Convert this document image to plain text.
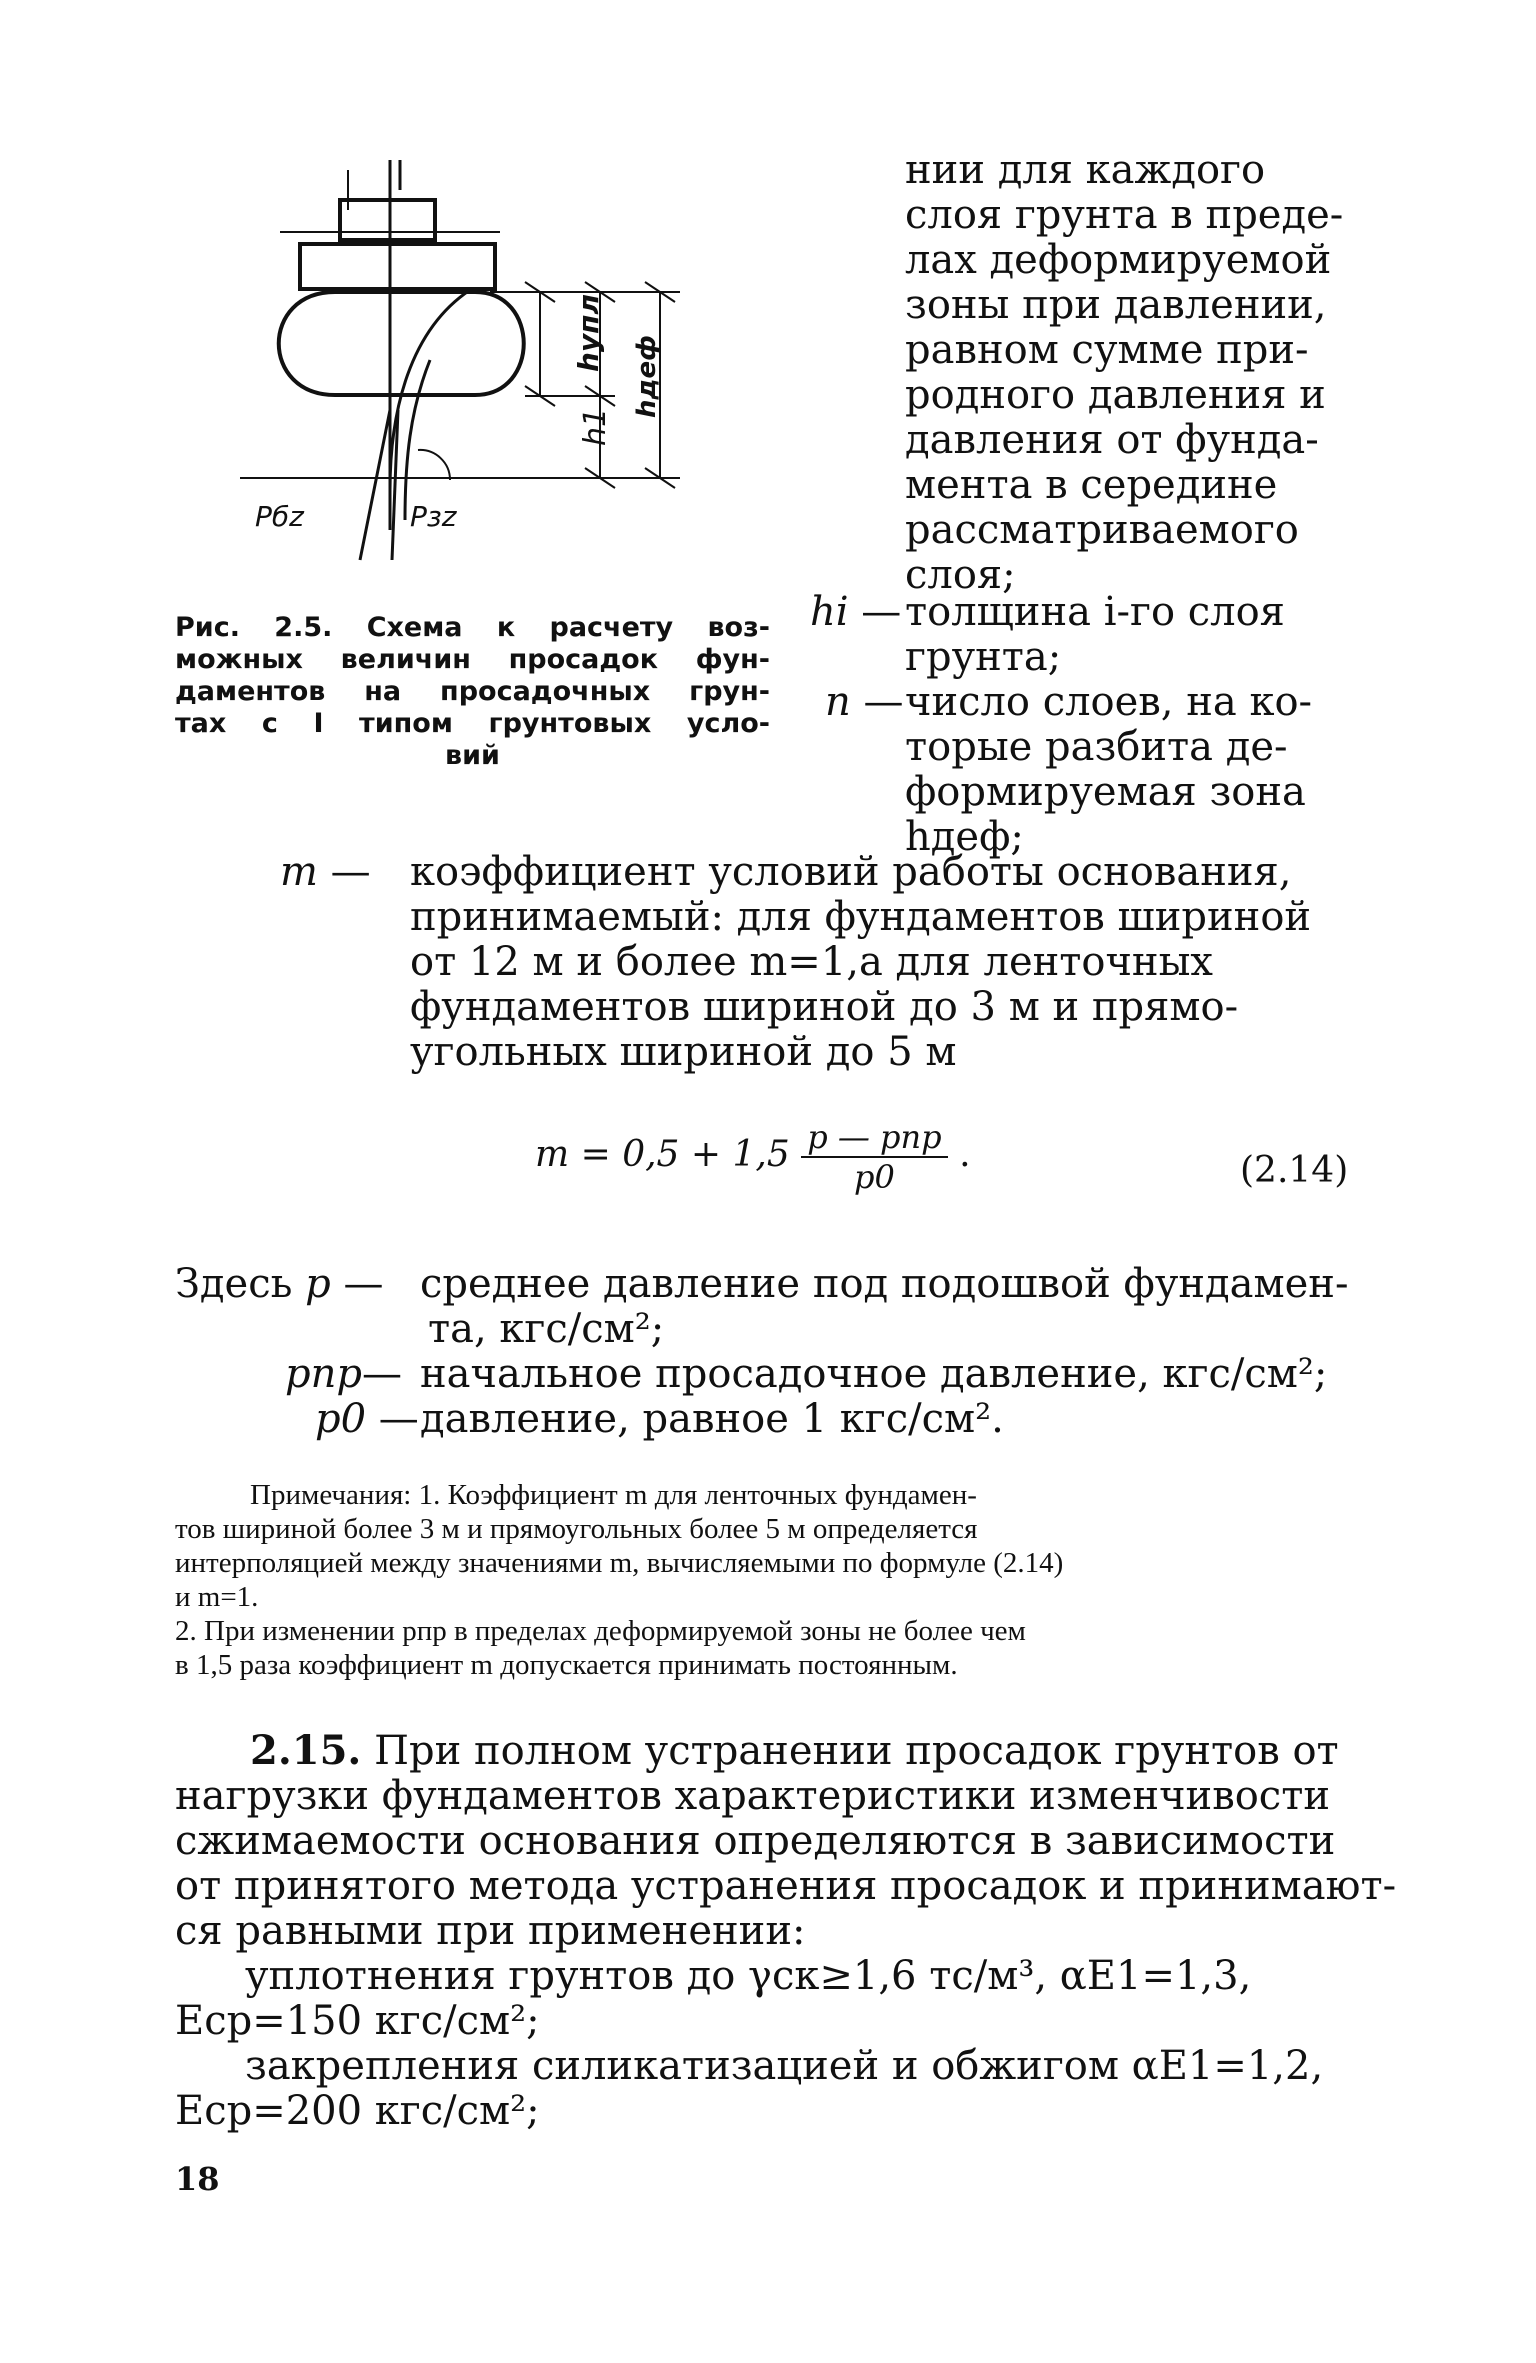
hупл
hдеф
h1
Pбz	Pзz
Рис. 2.5. Схема к расчету воз-
можных величин просадок фун-
даментов на просадочных грун-
тах с I типом грунтовых усло-
вий
нии для каждого
слоя грунта в преде-
лах деформируемой
зоны при давлении,
равном сумме при-
родного давления и
давления от фунда-
мента в середине
рассматриваемого
слоя;
hi — толщина i-го слоя
грунта;
n — число слоев, на ко-
торые разбита де-
формируемая зона
hдеф;
m — коэффициент условий работы основания,
принимаемый: для фундаментов шириной
от 12 м и более m=1,а для ленточных
фундаментов шириной до 3 м и прямо-
угольных шириной до 5 м
$m = 0,5 + 1,5 \frac{\text{p — pпр}}{p0}$ .	(2.14)
Здесь p — среднее давление под подошвой фундамен-
та, кгс/см²;
pпр— начальное просадочное давление, кгс/см²;
p0 — давление, равное 1 кгс/см².
Примечания: 1. Коэффициент m для ленточных фундамен-
тов шириной более 3 м и прямоугольных более 5 м определяется
интерполяцией между значениями m, вычисляемыми по формуле (2.14)
и m=1.
2. При изменении pпр в пределах деформируемой зоны не более чем
в 1,5 раза коэффициент m допускается принимать постоянным.
2.15. При полном устранении просадок грунтов от
нагрузки фундаментов характеристики изменчивости
сжимаемости основания определяются в зависимости
от принятого метода устранения просадок и принимают-
ся равными при применении:
уплотнения грунтов до γск≥1,6 тс/м³, αE1=1,3,
Eср=150 кгс/см²;
закрепления силикатизацией и обжигом αE1=1,2,
Eср=200 кгс/см²;
18
